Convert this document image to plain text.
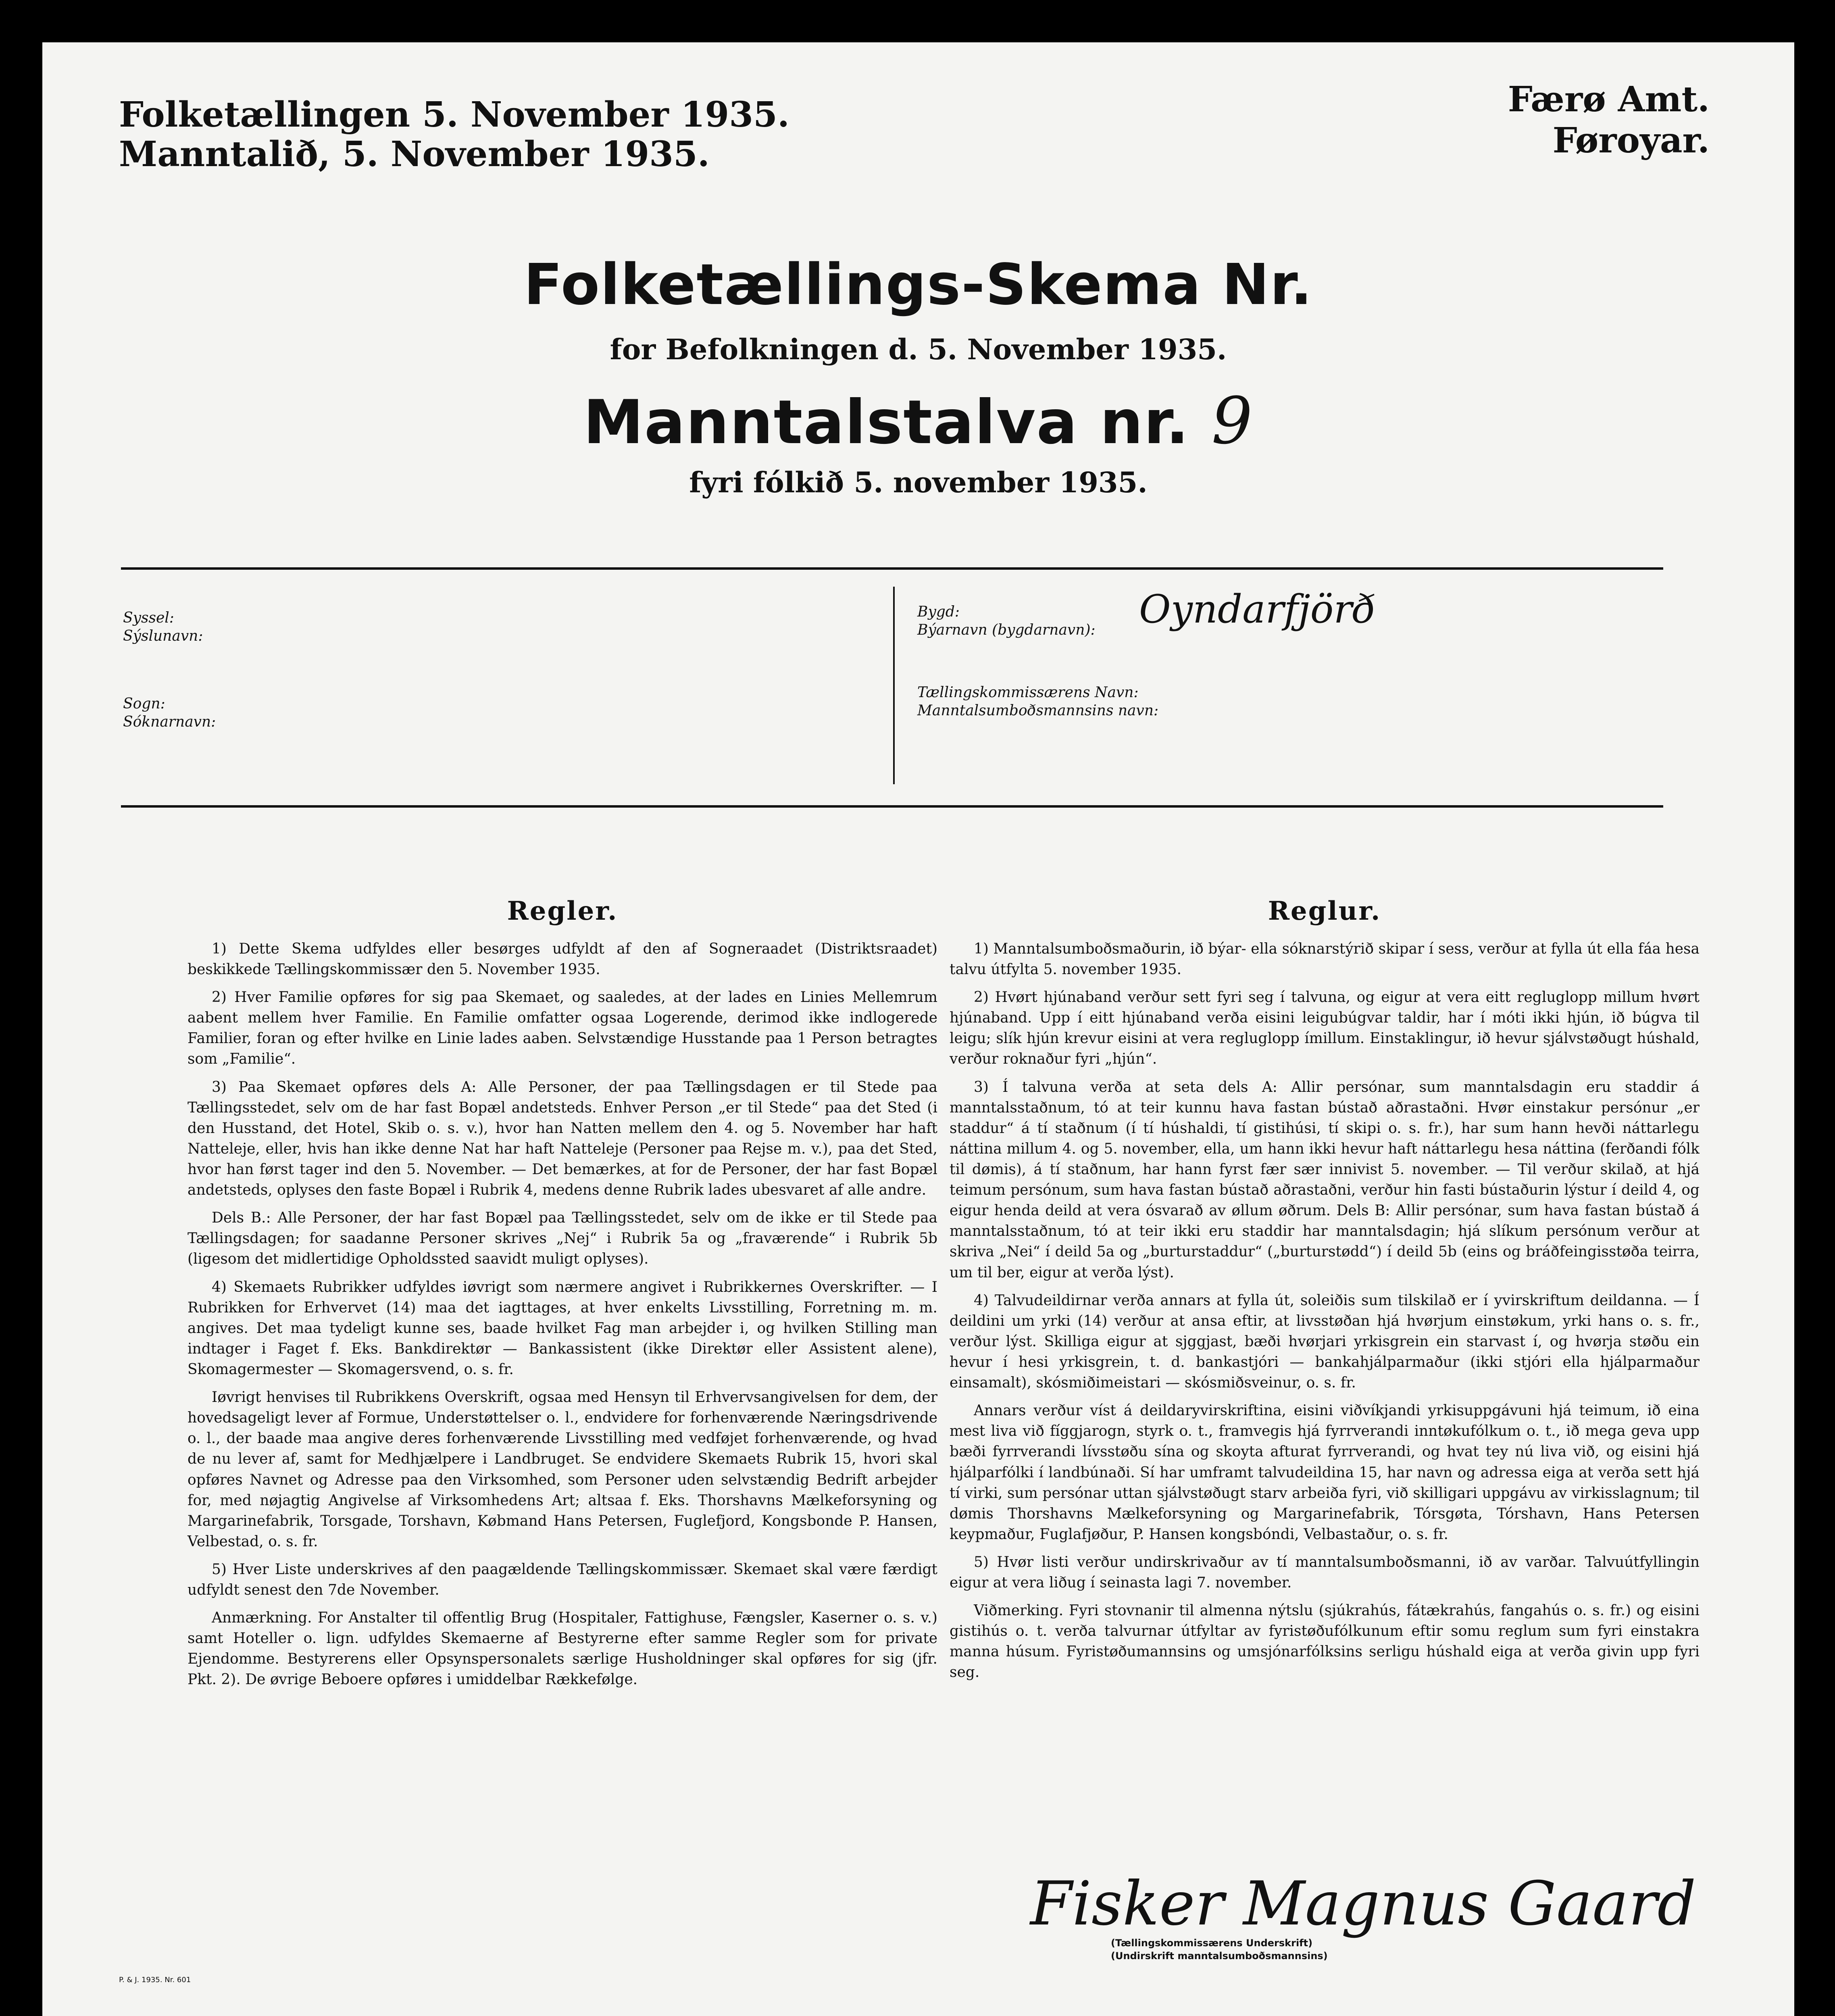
Folketællingen 5. November 1935.
Manntalið, 5. November 1935.
Færø Amt.
Føroyar.
Folketællings-Skema Nr.
for Befolkningen d. 5. November 1935.
Manntalstalva nr. 9
fyri fólkið 5. november 1935.
Syssel:
Sýslunavn:
Sogn:
Sóknarnavn:
Bygd:
Býarnavn (bygdarnavn): Oyndarfjörð
Tællingskommissærens Navn:
Manntalsumboðsmannsins navn:
Regler.

1) Dette Skema udfyldes eller besørges udfyldt af den af Sogneraadet (Distriktsraadet) beskikkede Tællingskommissær den 5. November 1935.

2) Hver Familie opføres for sig paa Skemaet, og saaledes, at der lades en Linies Mellemrum aabent mellem hver Familie. En Familie omfatter ogsaa Logerende, derimod ikke indlogerede Familier, foran og efter hvilke en Linie lades aaben. Selvstændige Husstande paa 1 Person betragtes som „Familie“.

3) Paa Skemaet opføres dels A: Alle Personer, der paa Tællingsdagen er til Stede paa Tællingsstedet, selv om de har fast Bopæl andetsteds. Enhver Person „er til Stede“ paa det Sted (i den Husstand, det Hotel, Skib o. s. v.), hvor han Natten mellem den 4. og 5. November har haft Natteleje, eller, hvis han ikke denne Nat har haft Natteleje (Personer paa Rejse m. v.), paa det Sted, hvor han først tager ind den 5. November. — Det bemærkes, at for de Personer, der har fast Bopæl andetsteds, oplyses den faste Bopæl i Rubrik 4, medens denne Rubrik lades ubesvaret af alle andre.

Dels B.: Alle Personer, der har fast Bopæl paa Tællingsstedet, selv om de ikke er til Stede paa Tællingsdagen; for saadanne Personer skrives „Nej“ i Rubrik 5a og „fraværende“ i Rubrik 5b (ligesom det midlertidige Opholdssted saavidt muligt oplyses).

4) Skemaets Rubrikker udfyldes iøvrigt som nærmere angivet i Rubrikkernes Overskrifter. — I Rubrikken for Erhvervet (14) maa det iagttages, at hver enkelts Livsstilling, Forretning m. m. angives. Det maa tydeligt kunne ses, baade hvilket Fag man arbejder i, og hvilken Stilling man indtager i Faget f. Eks. Bankdirektør — Bankassistent (ikke Direktør eller Assistent alene), Skomagermester — Skomagersvend, o. s. fr.

Iøvrigt henvises til Rubrikkens Overskrift, ogsaa med Hensyn til Erhvervsangivelsen for dem, der hovedsageligt lever af Formue, Understøttelser o. l., endvidere for forhenværende Næringsdrivende o. l., der baade maa angive deres forhenværende Livsstilling med vedføjet forhenværende, og hvad de nu lever af, samt for Medhjælpere i Landbruget. Se endvidere Skemaets Rubrik 15, hvori skal opføres Navnet og Adresse paa den Virksomhed, som Personer uden selvstændig Bedrift arbejder for, med nøjagtig Angivelse af Virksomhedens Art; altsaa f. Eks. Thorshavns Mælkeforsyning og Margarinefabrik, Torsgade, Torshavn, Købmand Hans Petersen, Fuglefjord, Kongsbonde P. Hansen, Velbestad, o. s. fr.

5) Hver Liste underskrives af den paagældende Tællingskommissær. Skemaet skal være færdigt udfyldt senest den 7de November.

Anmærkning. For Anstalter til offentlig Brug (Hospitaler, Fattighuse, Fængsler, Kaserner o. s. v.) samt Hoteller o. lign. udfyldes Skemaerne af Bestyrerne efter samme Regler som for private Ejendomme. Bestyrerens eller Opsynspersonalets særlige Husholdninger skal opføres for sig (jfr. Pkt. 2). De øvrige Beboere opføres i umiddelbar Rækkefølge.

Reglur.

1) Manntalsumboðsmaðurin, ið býar- ella sóknarstýrið skipar í sess, verður at fylla út ella fáa hesa talvu útfylta 5. november 1935.

2) Hvørt hjúnaband verður sett fyri seg í talvuna, og eigur at vera eitt regluglopp millum hvørt hjúnaband. Upp í eitt hjúnaband verða eisini leigubúgvar taldir, har í móti ikki hjún, ið búgva til leigu; slík hjún krevur eisini at vera regluglopp ímillum. Einstaklingur, ið hevur sjálvstøðugt húshald, verður roknaður fyri „hjún“.

3) Í talvuna verða at seta dels A: Allir persónar, sum manntalsdagin eru staddir á manntalsstaðnum, tó at teir kunnu hava fastan bústað aðrastaðni. Hvør einstakur persónur „er staddur“ á tí staðnum (í tí húshaldi, tí gistihúsi, tí skipi o. s. fr.), har sum hann hevði náttarlegu náttina millum 4. og 5. november, ella, um hann ikki hevur haft náttarlegu hesa náttina (ferðandi fólk til dømis), á tí staðnum, har hann fyrst fær sær innivist 5. november. — Til verður skilað, at hjá teimum persónum, sum hava fastan bústað aðrastaðni, verður hin fasti bústaðurin lýstur í deild 4, og eigur henda deild at vera ósvarað av øllum øðrum. Dels B: Allir persónar, sum hava fastan bústað á manntalsstaðnum, tó at teir ikki eru staddir har manntalsdagin; hjá slíkum persónum verður at skriva „Nei“ í deild 5a og „burturstaddur“ („burturstødd“) í deild 5b (eins og bráðfeingisstøða teirra, um til ber, eigur at verða lýst).

4) Talvudeildirnar verða annars at fylla út, soleiðis sum tilskilað er í yvirskriftum deildanna. — Í deildini um yrki (14) verður at ansa eftir, at livsstøðan hjá hvørjum einstøkum, yrki hans o. s. fr., verður lýst. Skilliga eigur at sjggjast, bæði hvørjari yrkisgrein ein starvast í, og hvørja støðu ein hevur í hesi yrkisgrein, t. d. bankastjóri — bankahjálparmaður (ikki stjóri ella hjálparmaður einsamalt), skósmiðimeistari — skósmiðsveinur, o. s. fr.

Annars verður víst á deildaryvirskriftina, eisini viðvíkjandi yrkisuppgávuni hjá teimum, ið eina mest liva við fíggjarogn, styrk o. t., framvegis hjá fyrrverandi inntøkufólkum o. t., ið mega geva upp bæði fyrrverandi lívsstøðu sína og skoyta afturat fyrrverandi, og hvat tey nú liva við, og eisini hjá hjálparfólki í landbúnaði. Sí har umframt talvudeildina 15, har navn og adressa eiga at verða sett hjá tí virki, sum persónar uttan sjálvstøðugt starv arbeiða fyri, við skilligari uppgávu av virkisslagnum; til dømis Thorshavns Mælkeforsyning og Margarinefabrik, Tórsgøta, Tórshavn, Hans Petersen keypmaður, Fuglafjøður, P. Hansen kongsbóndi, Velbastaður, o. s. fr.

5) Hvør listi verður undirskrivaður av tí manntalsumboðsmanni, ið av varðar. Talvuútfyllingin eigur at vera liðug í seinasta lagi 7. november.

Viðmerking. Fyri stovnanir til almenna nýtslu (sjúkrahús, fátækrahús, fangahús o. s. fr.) og eisini gistihús o. t. verða talvurnar útfyltar av fyristøðufólkunum eftir somu reglum sum fyri einstakra manna húsum. Fyristøðumannsins og umsjónarfólksins serligu húshald eiga at verða givin upp fyri seg.

Fisker Magnus Gaard
(Tællingskommissærens Underskrift)
(Undirskrift manntalsumboðsmannsins)
P. & J. 1935. Nr. 601
